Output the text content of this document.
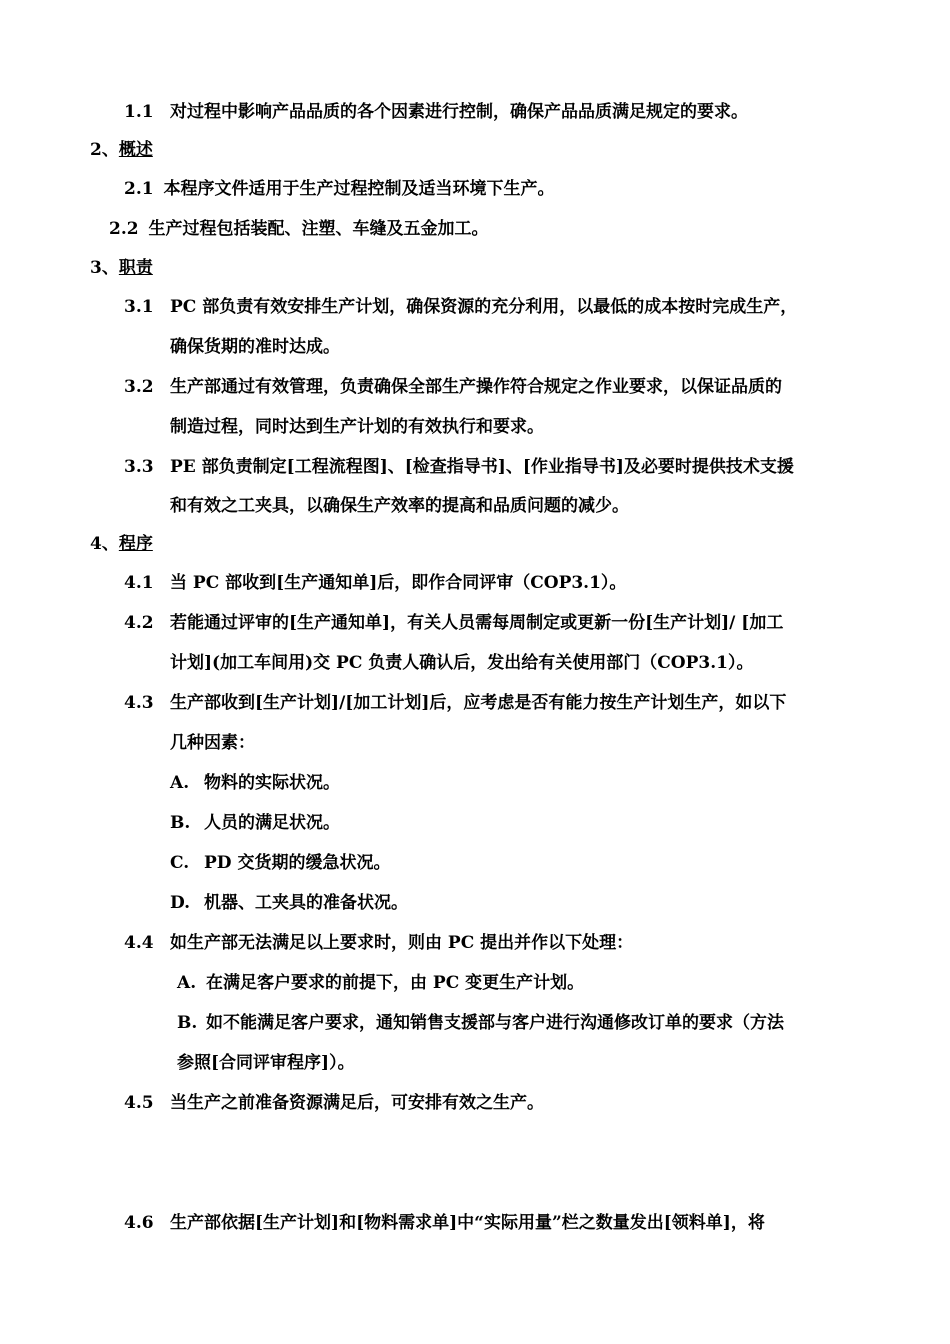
1.1 对过程中影响产品品质的各个因素进行控制，确保产品品质满足规定的要求。
2、概述
2.1 本程序文件适用于生产过程控制及适当环境下生产。
2.2 生产过程包括装配、注塑、车缝及五金加工。
3、职责
3.1 PC 部负责有效安排生产计划，确保资源的充分利用，以最低的成本按时完成生产，
确保货期的准时达成。
3.2 生产部通过有效管理，负责确保全部生产操作符合规定之作业要求，以保证品质的
制造过程，同时达到生产计划的有效执行和要求。
3.3 PE 部负责制定[工程流程图]、[检查指导书]、[作业指导书]及必要时提供技术支援
和有效之工夹具，以确保生产效率的提高和品质问题的减少。
4、程序
4.1 当 PC 部收到[生产通知单]后，即作合同评审（COP3.1）。
4.2 若能通过评审的[生产通知单]，有关人员需每周制定或更新一份[生产计划]/ [加工
计划](加工车间用)交 PC 负责人确认后，发出给有关使用部门（COP3.1）。
4.3 生产部收到[生产计划]/[加工计划]后，应考虑是否有能力按生产计划生产，如以下
几种因素：
A. 物料的实际状况。
B. 人员的满足状况。
C. PD 交货期的缓急状况。
D. 机器、工夹具的准备状况。
4.4 如生产部无法满足以上要求时，则由 PC 提出并作以下处理：
A. 在满足客户要求的前提下，由 PC 变更生产计划。
B. 如不能满足客户要求，通知销售支援部与客户进行沟通修改订单的要求（方法
参照[合同评审程序]）。
4.5 当生产之前准备资源满足后，可安排有效之生产。
4.6 生产部依据[生产计划]和[物料需求单]中“实际用量”栏之数量发出[领料单]，将
